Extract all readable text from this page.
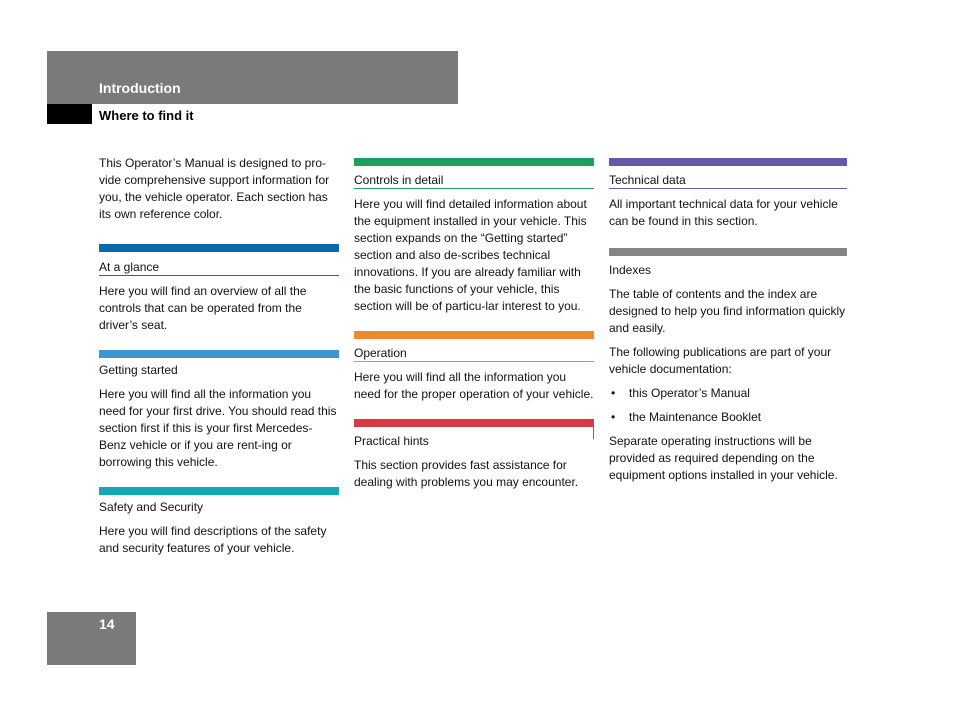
Introduction
Where to find it

This Operator’s Manual is designed to pro-vide comprehensive support information for you, the vehicle operator. Each section has its own reference color.

At a glance

Here you will find an overview of all the controls that can be operated from the driver’s seat.

Getting started

Here you will find all the information you need for your first drive. You should read this section first if this is your first Mercedes-Benz vehicle or if you are rent-ing or borrowing this vehicle.

Safety and Security

Here you will find descriptions of the safety and security features of your vehicle.

Controls in detail

Here you will find detailed information about the equipment installed in your vehicle. This section expands on the “Getting started” section and also de-scribes technical innovations. If you are already familiar with the basic functions of your vehicle, this section will be of particu-lar interest to you.

Operation

Here you will find all the information you need for the proper operation of your vehicle.

Practical hints

This section provides fast assistance for dealing with problems you may encounter.

Technical data

All important technical data for your vehicle can be found in this section.

Indexes

The table of contents and the index are designed to help you find information quickly and easily.

The following publications are part of your vehicle documentation:

• this Operator’s Manual
• the Maintenance Booklet

Separate operating instructions will be provided as required depending on the equipment options installed in your vehicle.

14
